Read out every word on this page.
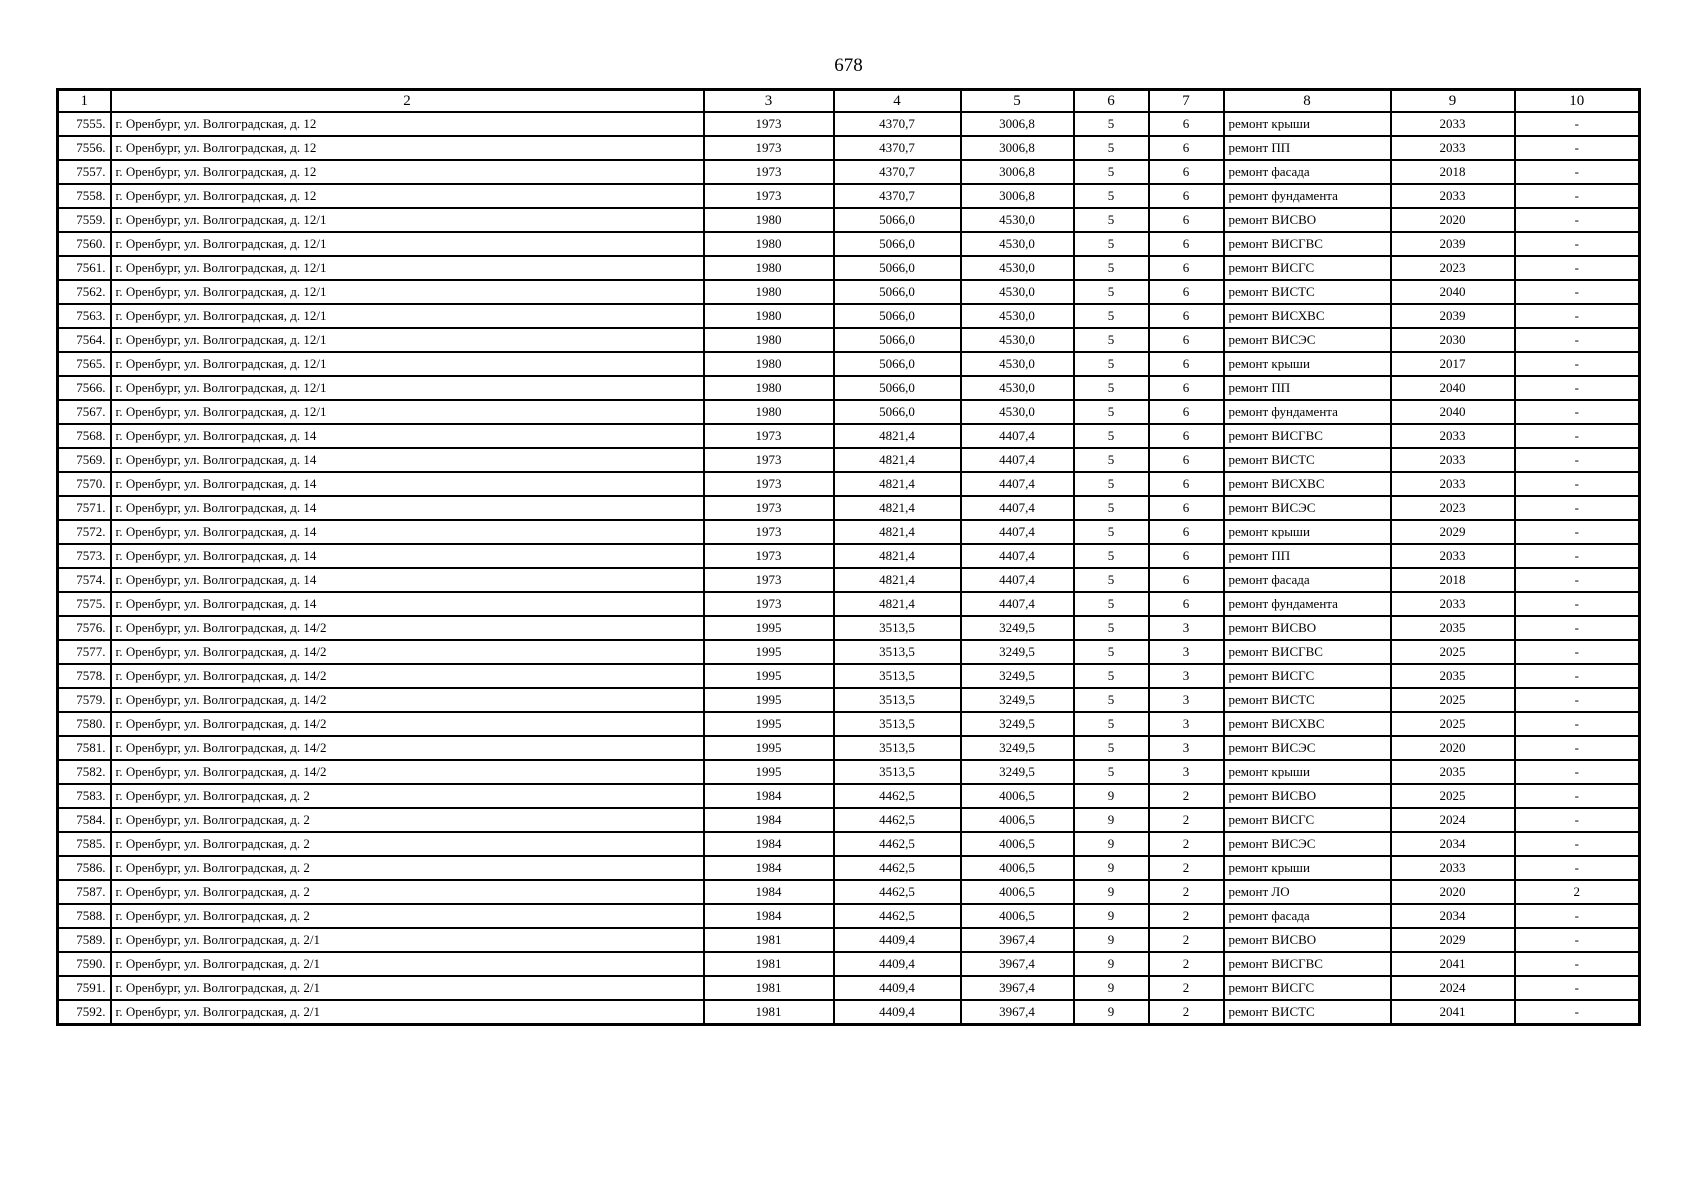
678
1	2	3	4	5	6	7	8	9	10
7555.	г. Оренбург, ул. Волгоградская, д. 12	1973	4370,7	3006,8	5	6	ремонт крыши	2033	-
7556.	г. Оренбург, ул. Волгоградская, д. 12	1973	4370,7	3006,8	5	6	ремонт ПП	2033	-
7557.	г. Оренбург, ул. Волгоградская, д. 12	1973	4370,7	3006,8	5	6	ремонт фасада	2018	-
7558.	г. Оренбург, ул. Волгоградская, д. 12	1973	4370,7	3006,8	5	6	ремонт фундамента	2033	-
7559.	г. Оренбург, ул. Волгоградская, д. 12/1	1980	5066,0	4530,0	5	6	ремонт ВИСВО	2020	-
7560.	г. Оренбург, ул. Волгоградская, д. 12/1	1980	5066,0	4530,0	5	6	ремонт ВИСГВС	2039	-
7561.	г. Оренбург, ул. Волгоградская, д. 12/1	1980	5066,0	4530,0	5	6	ремонт ВИСГС	2023	-
7562.	г. Оренбург, ул. Волгоградская, д. 12/1	1980	5066,0	4530,0	5	6	ремонт ВИСТС	2040	-
7563.	г. Оренбург, ул. Волгоградская, д. 12/1	1980	5066,0	4530,0	5	6	ремонт ВИСХВС	2039	-
7564.	г. Оренбург, ул. Волгоградская, д. 12/1	1980	5066,0	4530,0	5	6	ремонт ВИСЭС	2030	-
7565.	г. Оренбург, ул. Волгоградская, д. 12/1	1980	5066,0	4530,0	5	6	ремонт крыши	2017	-
7566.	г. Оренбург, ул. Волгоградская, д. 12/1	1980	5066,0	4530,0	5	6	ремонт ПП	2040	-
7567.	г. Оренбург, ул. Волгоградская, д. 12/1	1980	5066,0	4530,0	5	6	ремонт фундамента	2040	-
7568.	г. Оренбург, ул. Волгоградская, д. 14	1973	4821,4	4407,4	5	6	ремонт ВИСГВС	2033	-
7569.	г. Оренбург, ул. Волгоградская, д. 14	1973	4821,4	4407,4	5	6	ремонт ВИСТС	2033	-
7570.	г. Оренбург, ул. Волгоградская, д. 14	1973	4821,4	4407,4	5	6	ремонт ВИСХВС	2033	-
7571.	г. Оренбург, ул. Волгоградская, д. 14	1973	4821,4	4407,4	5	6	ремонт ВИСЭС	2023	-
7572.	г. Оренбург, ул. Волгоградская, д. 14	1973	4821,4	4407,4	5	6	ремонт крыши	2029	-
7573.	г. Оренбург, ул. Волгоградская, д. 14	1973	4821,4	4407,4	5	6	ремонт ПП	2033	-
7574.	г. Оренбург, ул. Волгоградская, д. 14	1973	4821,4	4407,4	5	6	ремонт фасада	2018	-
7575.	г. Оренбург, ул. Волгоградская, д. 14	1973	4821,4	4407,4	5	6	ремонт фундамента	2033	-
7576.	г. Оренбург, ул. Волгоградская, д. 14/2	1995	3513,5	3249,5	5	3	ремонт ВИСВО	2035	-
7577.	г. Оренбург, ул. Волгоградская, д. 14/2	1995	3513,5	3249,5	5	3	ремонт ВИСГВС	2025	-
7578.	г. Оренбург, ул. Волгоградская, д. 14/2	1995	3513,5	3249,5	5	3	ремонт ВИСГС	2035	-
7579.	г. Оренбург, ул. Волгоградская, д. 14/2	1995	3513,5	3249,5	5	3	ремонт ВИСТС	2025	-
7580.	г. Оренбург, ул. Волгоградская, д. 14/2	1995	3513,5	3249,5	5	3	ремонт ВИСХВС	2025	-
7581.	г. Оренбург, ул. Волгоградская, д. 14/2	1995	3513,5	3249,5	5	3	ремонт ВИСЭС	2020	-
7582.	г. Оренбург, ул. Волгоградская, д. 14/2	1995	3513,5	3249,5	5	3	ремонт крыши	2035	-
7583.	г. Оренбург, ул. Волгоградская, д. 2	1984	4462,5	4006,5	9	2	ремонт ВИСВО	2025	-
7584.	г. Оренбург, ул. Волгоградская, д. 2	1984	4462,5	4006,5	9	2	ремонт ВИСГС	2024	-
7585.	г. Оренбург, ул. Волгоградская, д. 2	1984	4462,5	4006,5	9	2	ремонт ВИСЭС	2034	-
7586.	г. Оренбург, ул. Волгоградская, д. 2	1984	4462,5	4006,5	9	2	ремонт крыши	2033	-
7587.	г. Оренбург, ул. Волгоградская, д. 2	1984	4462,5	4006,5	9	2	ремонт ЛО	2020	2
7588.	г. Оренбург, ул. Волгоградская, д. 2	1984	4462,5	4006,5	9	2	ремонт фасада	2034	-
7589.	г. Оренбург, ул. Волгоградская, д. 2/1	1981	4409,4	3967,4	9	2	ремонт ВИСВО	2029	-
7590.	г. Оренбург, ул. Волгоградская, д. 2/1	1981	4409,4	3967,4	9	2	ремонт ВИСГВС	2041	-
7591.	г. Оренбург, ул. Волгоградская, д. 2/1	1981	4409,4	3967,4	9	2	ремонт ВИСГС	2024	-
7592.	г. Оренбург, ул. Волгоградская, д. 2/1	1981	4409,4	3967,4	9	2	ремонт ВИСТС	2041	-
